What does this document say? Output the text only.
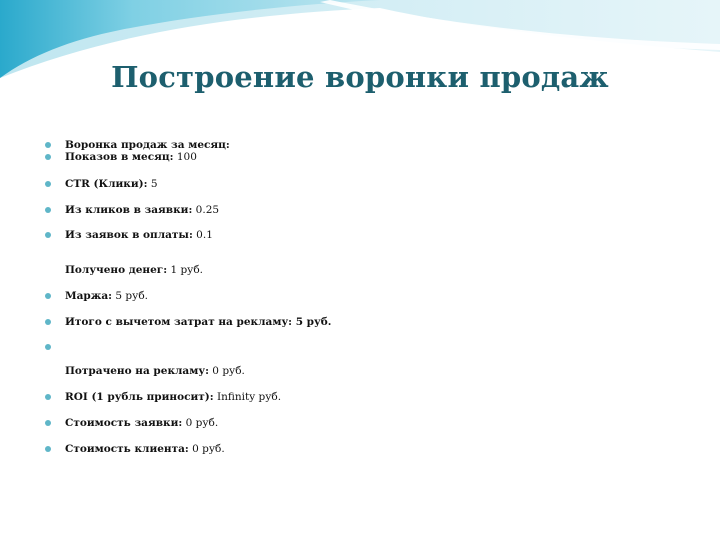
Построение воронки продаж
Воронка продаж за месяц:
Показов в месяц: 100
CTR (Клики): 5
Из кликов в заявки: 0.25
Из заявок в оплаты: 0.1
Получено денег: 1 руб.
Маржа: 5 руб.
Итого с вычетом затрат на рекламу: 5 руб.
Потрачено на рекламу: 0 руб.
ROI (1 рубль приносит): Infinity руб.
Стоимость заявки: 0 руб.
Стоимость клиента: 0 руб.
